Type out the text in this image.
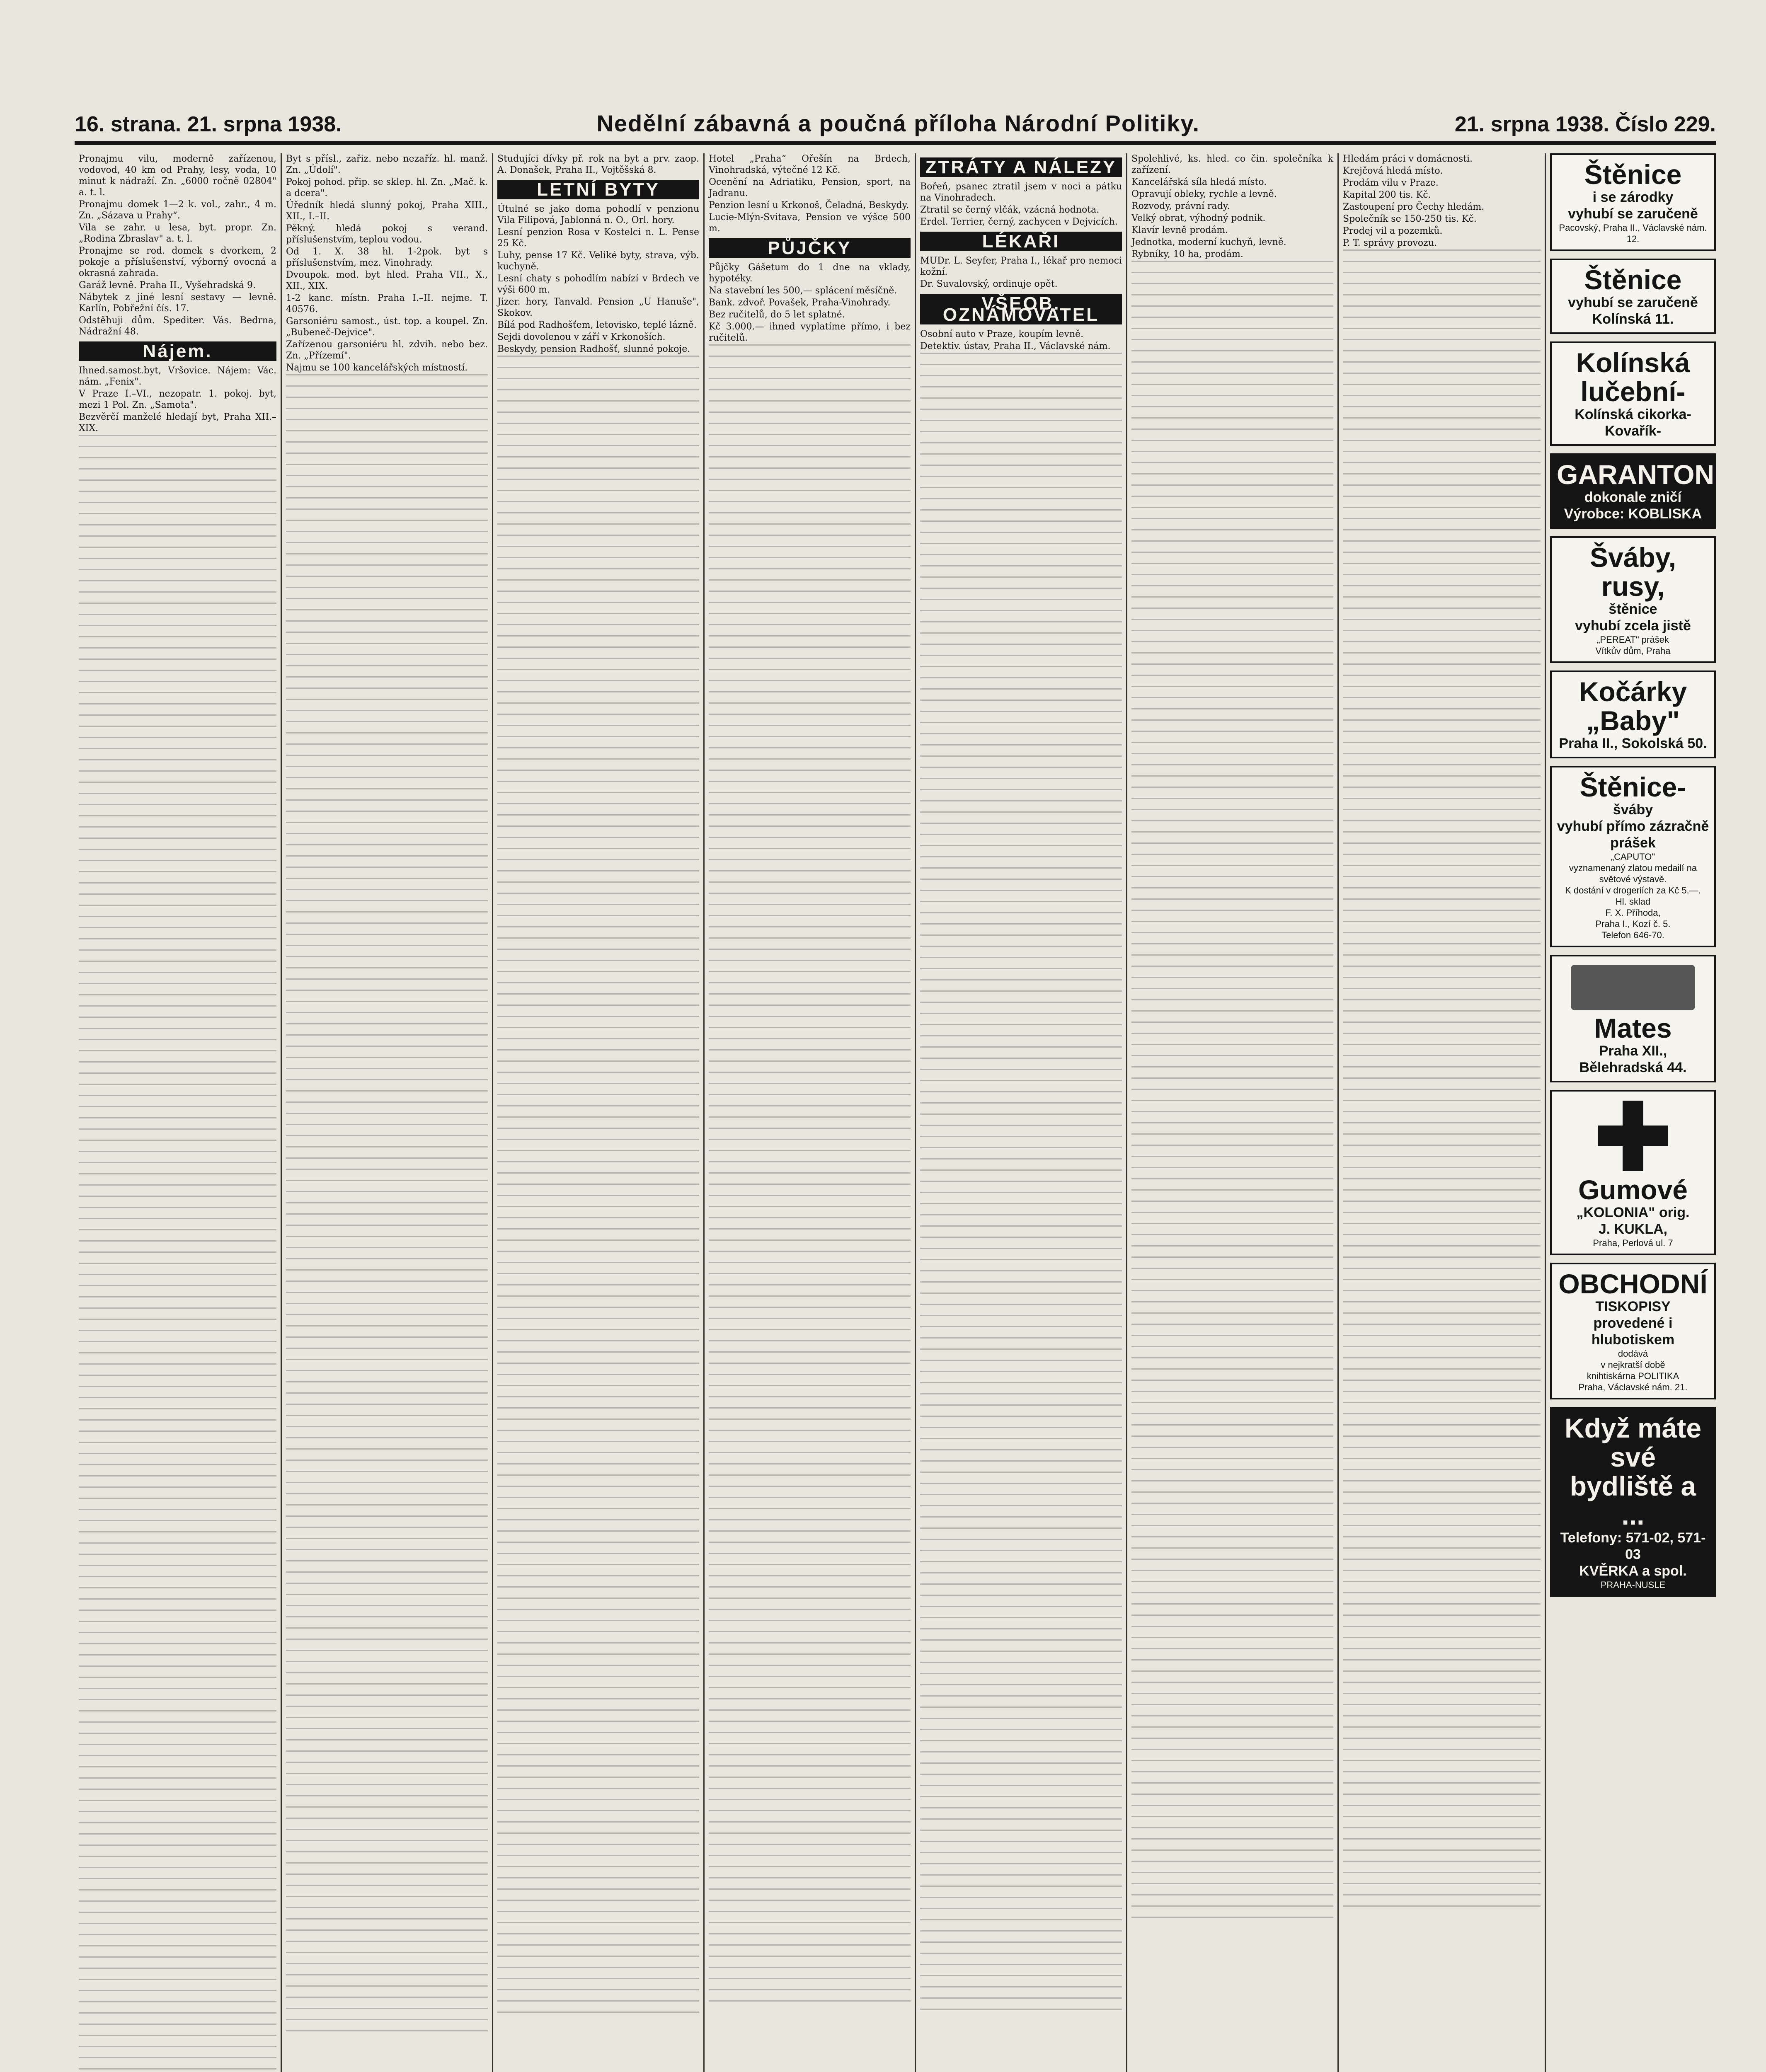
16. strana. 21. srpna 1938.	Nedělní zábavná a poučná příloha Národní Politiky.	21. srpna 1938. Číslo 229.

Pronajmu vilu, moderně zařízenou, vodovod, 40 km od Prahy, lesy, voda, 10 minut k nádraží. Zn. „6000 ročně 02804" a. t. l.

Pronajmu domek 1—2 k. vol., zahr., 4 m. Zn. „Sázava u Prahy“.

Vila se zahr. u lesa, byt. propr. Zn. „Rodina Zbraslav" a. t. l.

Pronajme se rod. domek s dvorkem, 2 pokoje a příslušenství, výborný ovocná a okrasná zahrada.

Garáž levně. Praha II., Vyšehradská 9.

Nábytek z jiné lesní sestavy — levně. Karlín, Pobřežní čís. 17.

Odstěhuji dům. Spediter. Vás. Bedrna, Nádražní 48.

Nájem.

Ihned.samost.byt, Vršovice. Nájem: Vác. nám. „Fenix".

V Praze I.–VI., nezopatr. 1. pokoj. byt, mezi 1 Pol. Zn. „Samota".

Bezvěrčí manželé hledají byt, Praha XII.–XIX.

Byt s přísl., zařiz. nebo nezaříz. hl. manž. Zn. „Údolí".

Pokoj pohod. přip. se sklep. hl. Zn. „Mač. k. a dcera".

Úředník hledá slunný pokoj, Praha XIII., XII., I.–II.

Pěkný. hledá pokoj s verand. příslušenstvím, teplou vodou.

Od 1. X. 38 hl. 1-2pok. byt s příslušenstvím, mez. Vinohrady.

Dvoupok. mod. byt hled. Praha VII., X., XII., XIX.

1-2 kanc. místn. Praha I.–II. nejme. T. 40576.

Garsoniéru samost., úst. top. a koupel. Zn. „Bubeneč-Dejvice".

Zařízenou garsoniéru hl. zdvih. nebo bez. Zn. „Přízemí".

Najmu se 100 kancelářských místností.

Studujíci dívky př. rok na byt a prv. zaop. A. Donašek, Praha II., Vojtěšská 8.

LETNÍ BYTY

Útulné se jako doma pohodlí v penzionu Vila Filipová, Jablonná n. O., Orl. hory.

Lesní penzion Rosa v Kostelci n. L. Pense 25 Kč.

Luhy, pense 17 Kč. Veliké byty, strava, výb. kuchyně.

Lesní chaty s pohodlím nabízí v Brdech ve výši 600 m.

Jizer. hory, Tanvald. Pension „U Hanuše", Skokov.

Bílá pod Radhošťem, letovisko, teplé lázně.

Sejdi dovolenou v září v Krkonoších.

Beskydy, pension Radhošť, slunné pokoje.

Hotel „Praha“ Ořešín na Brdech, Vinohradská, výtečné 12 Kč.

Ocenění na Adriatiku, Pension, sport, na Jadranu.

Penzion lesní u Krkonoš, Čeladná, Beskydy.

Lucie-Mlýn-Svitava, Pension ve výšce 500 m.

PŮJČKY

Půjčky Gášetum do 1 dne na vklady, hypotéky.

Na stavební les 500,— splácení měsíčně.

Bank. zdvoř. Povašek, Praha-Vinohrady.

Bez ručitelů, do 5 let splatné.

Kč 3.000.— ihned vyplatíme přímo, i bez ručitelů.

ZTRÁTY A NÁLEZY

Bořeň, psanec ztratil jsem v noci a pátku na Vinohradech.

Ztratil se černý vlčák, vzácná hodnota.

Erdel. Terrier, černý, zachycen v Dejvicích.

LÉKAŘI

MUDr. L. Seyfer, Praha I., lékař pro nemoci kožní.

Dr. Suvalovský, ordinuje opět.

VŠEOB. OZNÁMOVATEL

Osobní auto v Praze, koupím levně.

Detektiv. ústav, Praha II., Václavské nám.

Spolehlivé, ks. hled. co čin. společníka k zařízení.

Kancelářská síla hledá místo.

Opravují obleky, rychle a levně.

Rozvody, právní rady.

Velký obrat, výhodný podnik.

Klavír levně prodám.

Jednotka, moderní kuchyň, levně.

Rybníky, 10 ha, prodám.

Hledám práci v domácnosti.

Krejčová hledá místo.

Prodám vilu v Praze.

Kapital 200 tis. Kč.

Zastoupení pro Čechy hledám.

Společník se 150-250 tis. Kč.

Prodej vil a pozemků.

P. T. správy provozu.

Štěnice
i se zárodky
vyhubí se zaručeně
Pacovský, Praha II., Václavské nám. 12.
Štěnice
vyhubí se zaručeně
Kolínská 11.
Kolínská lučební-
Kolínská cikorka-
Kovařík-
GARANTON
dokonale zničí
Výrobce: KOBLISKA
Šváby, rusy,
štěnice
vyhubí zcela jistě
„PEREAT" prášek
Vítkův dům, Praha
Kočárky „Baby"
Praha II., Sokolská 50.
Štěnice-
šváby
vyhubí přímo zázračně prášek
„CAPUTO"
vyznamenaný zlatou medailí na světové výstavě.
K dostání v drogeriích za Kč 5.—.
Hl. sklad
F. X. Příhoda,
Praha I., Kozí č. 5.
Telefon 646-70.
Mates
Praha XII., Bělehradská 44.
Gumové
„KOLONIA" orig.
J. KUKLA,
Praha, Perlová ul. 7
OBCHODNÍ
TISKOPISY
provedené i hlubotiskem
dodává
v nejkratší době
knihtiskárna POLITIKA
Praha, Václavské nám. 21.
Když máte své bydliště a ...
Telefony: 571-02, 571-03
KVĚRKA a spol.
PRAHA-NUSLE
